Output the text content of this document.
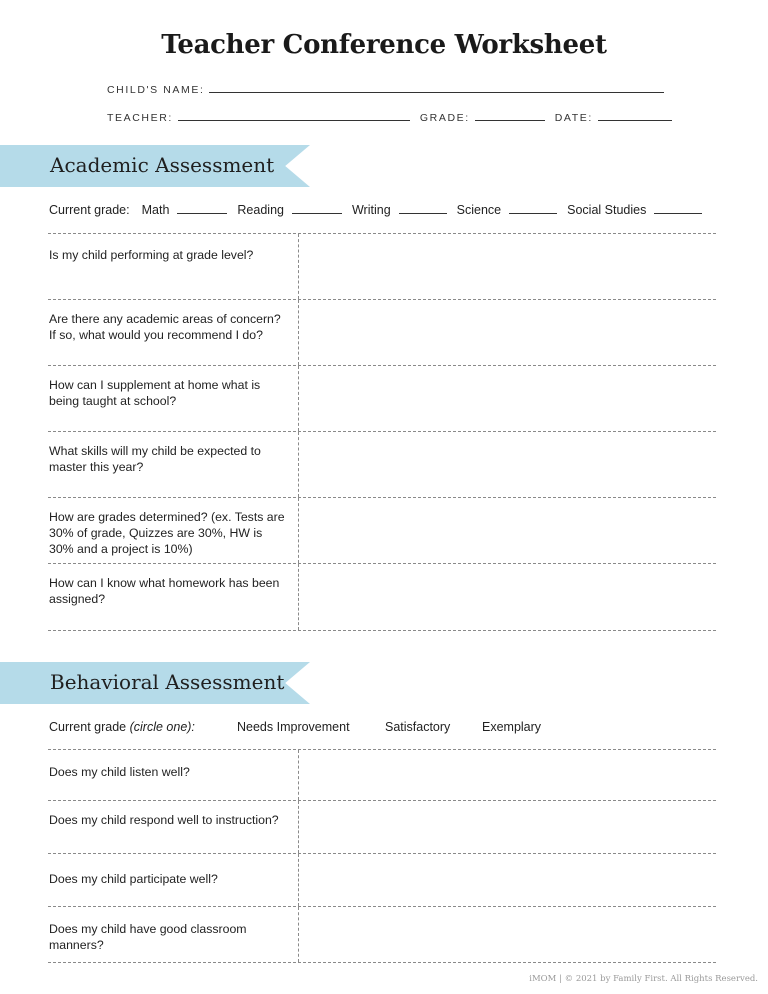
Teacher Conference Worksheet
CHILD'S NAME:
TEACHER:	GRADE:	DATE:
Academic Assessment
Current grade: Math	Reading	Writing	Science	Social Studies
Is my child performing at grade level?
Are there any academic areas of concern? If so, what would you recommend I do?
How can I supplement at home what is being taught at school?
What skills will my child be expected to master this year?
How are grades determined? (ex. Tests are 30% of grade, Quizzes are 30%, HW is 30% and a project is 10%)
How can I know what homework has been assigned?
Behavioral Assessment
Current grade (circle one):	Needs Improvement	Satisfactory	Exemplary
Does my child listen well?
Does my child respond well to instruction?
Does my child participate well?
Does my child have good classroom manners?
iMOM | © 2021 by Family First. All Rights Reserved.
